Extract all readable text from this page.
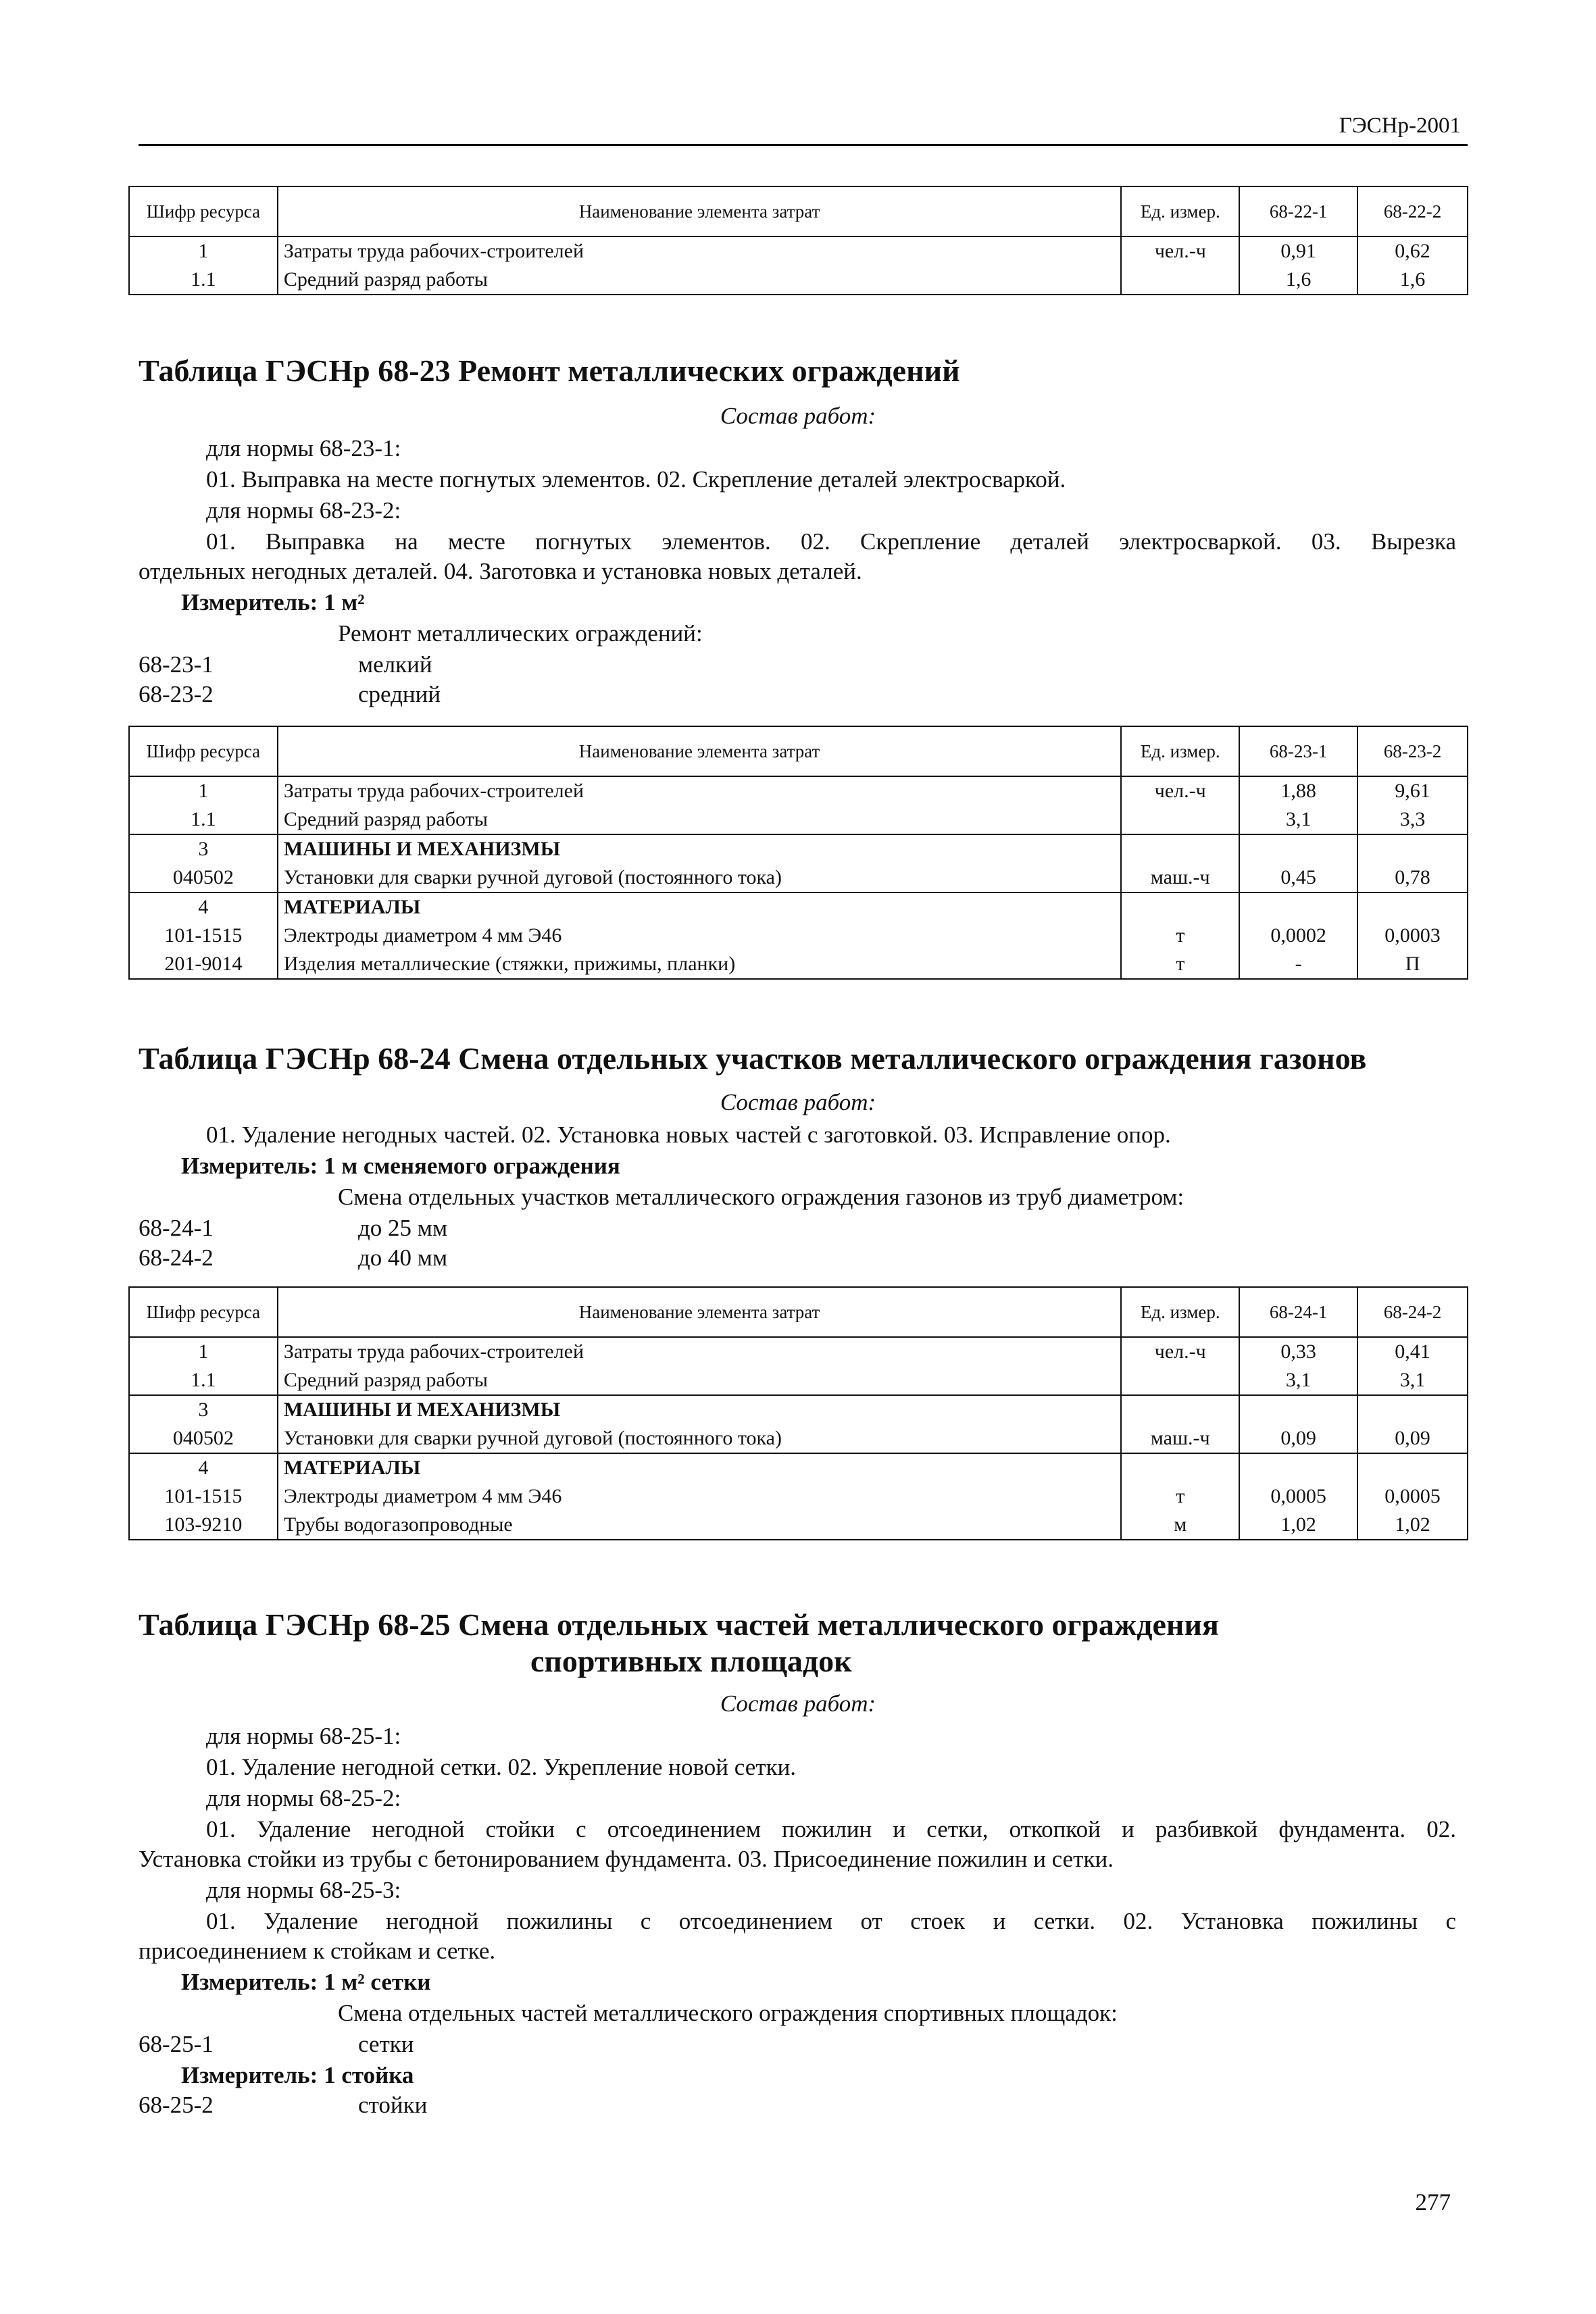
ГЭСНр-2001
Шифр ресурса	Наименование элемента затрат	Ед. измер.	68-22-1	68-22-2
1	Затраты труда рабочих-строителей	чел.-ч	0,91	0,62
1.1	Средний разряд работы		1,6	1,6
Таблица ГЭСНр 68-23 Ремонт металлических ограждений
Состав работ:
для нормы 68-23-1:
01. Выправка на месте погнутых элементов. 02. Скрепление деталей электросваркой.
для нормы 68-23-2:
01. Выправка на месте погнутых элементов. 02. Скрепление деталей электросваркой. 03. Вырезка
отдельных негодных деталей. 04. Заготовка и установка новых деталей.
Измеритель: 1 м²
Ремонт металлических ограждений:
68-23-1	мелкий
68-23-2	средний
Шифр ресурса	Наименование элемента затрат	Ед. измер.	68-23-1	68-23-2
1	Затраты труда рабочих-строителей	чел.-ч	1,88	9,61
1.1	Средний разряд работы		3,1	3,3
3	МАШИНЫ И МЕХАНИЗМЫ			
040502	Установки для сварки ручной дуговой (постоянного тока)	маш.-ч	0,45	0,78
4	МАТЕРИАЛЫ			
101-1515	Электроды диаметром 4 мм Э46	т	0,0002	0,0003
201-9014	Изделия металлические (стяжки, прижимы, планки)	т	-	П
Таблица ГЭСНр 68-24 Смена отдельных участков металлического ограждения газонов
Состав работ:
01. Удаление негодных частей. 02. Установка новых частей с заготовкой. 03. Исправление опор.
Измеритель: 1 м сменяемого ограждения
Смена отдельных участков металлического ограждения газонов из труб диаметром:
68-24-1	до 25 мм
68-24-2	до 40 мм
Шифр ресурса	Наименование элемента затрат	Ед. измер.	68-24-1	68-24-2
1	Затраты труда рабочих-строителей	чел.-ч	0,33	0,41
1.1	Средний разряд работы		3,1	3,1
3	МАШИНЫ И МЕХАНИЗМЫ			
040502	Установки для сварки ручной дуговой (постоянного тока)	маш.-ч	0,09	0,09
4	МАТЕРИАЛЫ			
101-1515	Электроды диаметром 4 мм Э46	т	0,0005	0,0005
103-9210	Трубы водогазопроводные	м	1,02	1,02
Таблица ГЭСНр 68-25 Смена отдельных частей металлического ограждения
спортивных площадок
Состав работ:
для нормы 68-25-1:
01. Удаление негодной сетки. 02. Укрепление новой сетки.
для нормы 68-25-2:
01. Удаление негодной стойки с отсоединением пожилин и сетки, откопкой и разбивкой фундамента. 02.
Установка стойки из трубы с бетонированием фундамента. 03. Присоединение пожилин и сетки.
для нормы 68-25-3:
01. Удаление негодной пожилины с отсоединением от стоек и сетки. 02. Установка пожилины с
присоединением к стойкам и сетке.
Измеритель: 1 м² сетки
Смена отдельных частей металлического ограждения спортивных площадок:
68-25-1	сетки
Измеритель: 1 стойка
68-25-2	стойки
277
